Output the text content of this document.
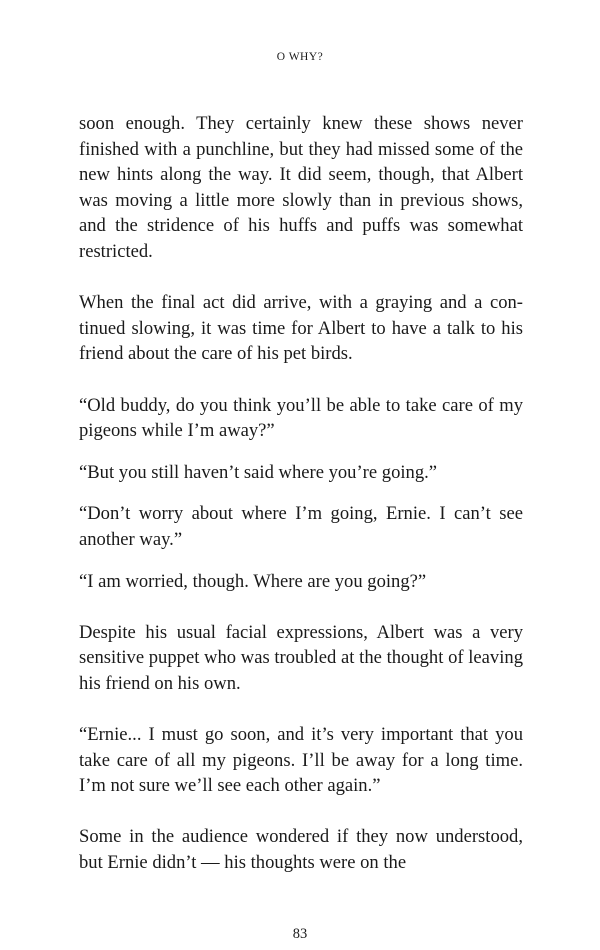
O WHY?

soon enough. They certainly knew these shows never finished with a punchline, but they had missed some of the new hints along the way. It did seem, though, that Albert was moving a little more slowly than in previous shows, and the stridence of his huffs and puffs was somewhat restricted.

When the final act did arrive, with a graying and a continued slowing, it was time for Albert to have a talk to his friend about the care of his pet birds.

“Old buddy, do you think you’ll be able to take care of my pigeons while I’m away?”

“But you still haven’t said where you’re going.”

“Don’t worry about where I’m going, Ernie. I can’t see another way.”

“I am worried, though. Where are you going?”

Despite his usual facial expressions, Albert was a very sensitive puppet who was troubled at the thought of leaving his friend on his own.

“Ernie... I must go soon, and it’s very important that you take care of all my pigeons. I’ll be away for a long time. I’m not sure we’ll see each other again.”

Some in the audience wondered if they now understood, but Ernie didn’t — his thoughts were on the

83
